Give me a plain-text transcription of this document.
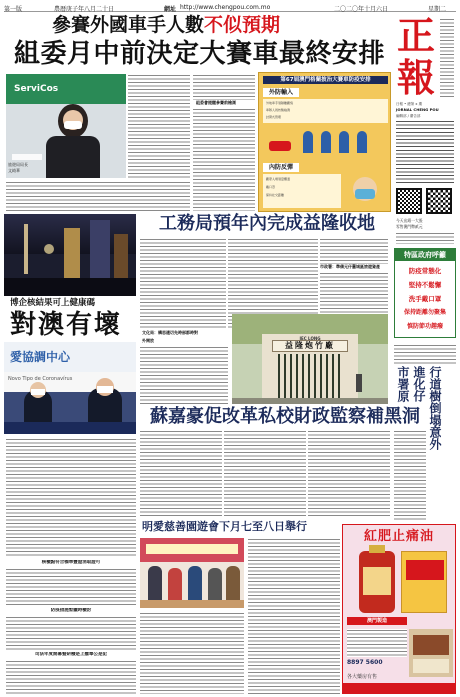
第一版	農曆庚子年八月二十日	網址 http://www.chengpou.com.mo	二〇二〇年十月六日	星期二
參賽外國車手人數不似預期
組委月中前決定大賽車最終安排
ServiCos
旅遊局局長
文綺華
組委會提醒參賽前檢測
第67屆澳門格蘭披治大賽車防疫安排
外防輸入
外地車手須隔離觀察
車隊人員核酸檢測
封閉式管理
內防反彈
觀眾入場須量體溫
戴口罩
保持社交距離
正
報
日報 • 總第 x 期
JORNAL CHENG POU
編輯部 / 廣告部
今天出紙一大張
零售澳門幣貳元
博企核結果可上健康碼
對澳有壞
愛協調中心
Novo Tipo de Coronavírus
核檢點符合標準豐證消取證可
防疫措施暫續時檢討
司法年度開幕暨研檢是上雖舉公是記
工務局預年內完成益隆收地
市政署：準備元仔舊城區旅遊資產
IEC LONG
益隆炮竹廠
文化局：構思適切先時部都時對
外開放
蘇嘉豪促改革私校財政監察補黑洞
明愛慈善園遊會下月七至八日舉行
特區政府呼籲
防疫常態化
堅持不鬆懈
洗手戴口罩
保持距離勿聚集
慎防節功趣癈
市署原 進化仔 行道樹倒塌意外
紅肥止痛油
澳門製造
8897 5600
各大藥房有售
